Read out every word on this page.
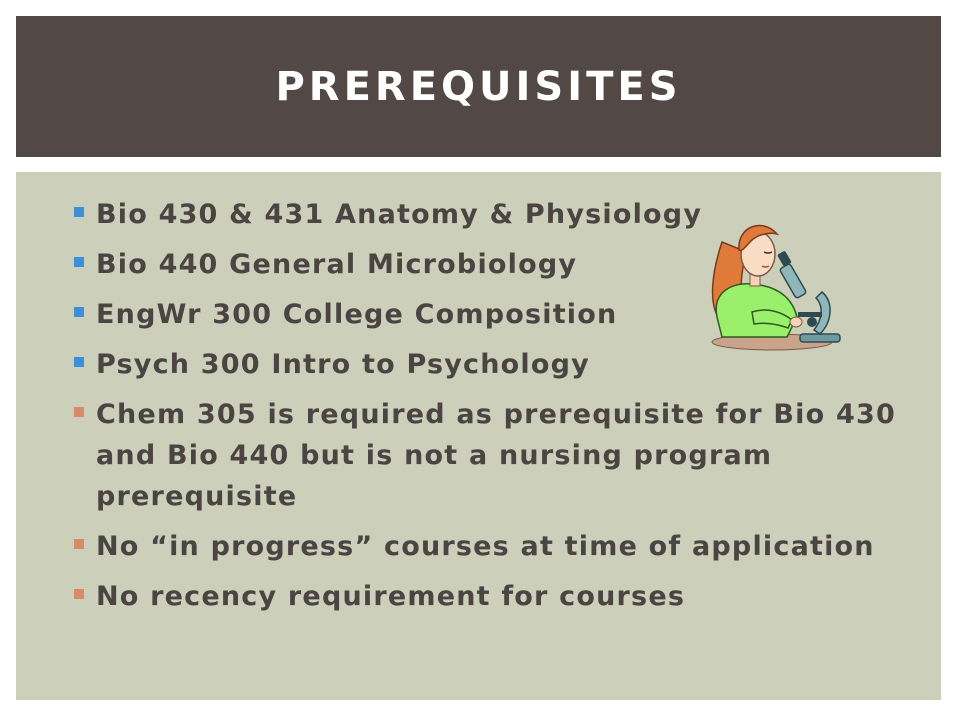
PREREQUISITES
Bio 430 & 431 Anatomy & Physiology
Bio 440 General Microbiology
EngWr 300 College Composition
Psych 300 Intro to Psychology
Chem 305 is required as prerequisite for Bio 430 and Bio 440 but is not a nursing program prerequisite
No “in progress” courses at time of application
No recency requirement for courses
